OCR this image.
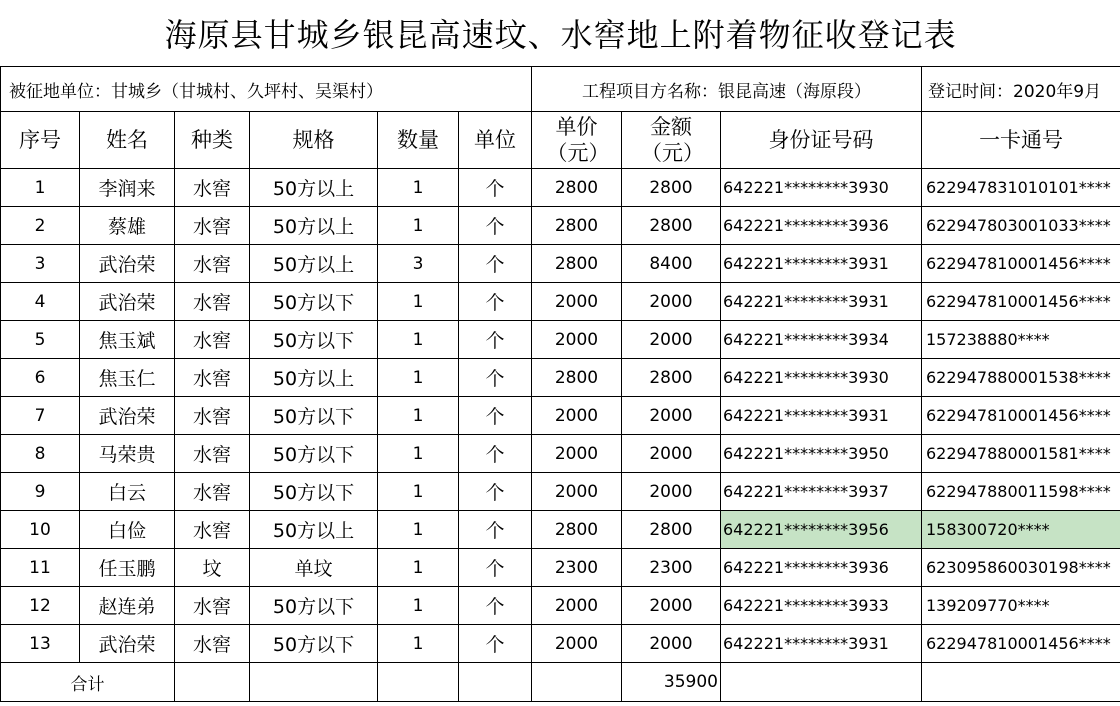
海原县甘城乡银昆高速坟、水窖地上附着物征收登记表									
被征地单位：甘城乡（甘城村、久坪村、吴渠村）						工程项目方名称：银昆高速（海原段）			登记时间：2020年9月
序号	姓名	种类	规格	数量	单位	单价（元）	金额（元）	身份证号码	一卡通号
1	李润来	水窖	50方以上	1	个	2800	2800	642221********3930	622947831010101****
2	蔡雄	水窖	50方以上	1	个	2800	2800	642221********3936	622947803001033****
3	武治荣	水窖	50方以上	3	个	2800	8400	642221********3931	622947810001456****
4	武治荣	水窖	50方以下	1	个	2000	2000	642221********3931	622947810001456****
5	焦玉斌	水窖	50方以下	1	个	2000	2000	642221********3934	157238880****
6	焦玉仁	水窖	50方以上	1	个	2800	2800	642221********3930	622947880001538****
7	武治荣	水窖	50方以下	1	个	2000	2000	642221********3931	622947810001456****
8	马荣贵	水窖	50方以下	1	个	2000	2000	642221********3950	622947880001581****
9	白云	水窖	50方以下	1	个	2000	2000	642221********3937	622947880011598****
10	白俭	水窖	50方以上	1	个	2800	2800	642221********3956	158300720****
11	任玉鹏	坟	单坟	1	个	2300	2300	642221********3936	623095860030198****
12	赵连弟	水窖	50方以下	1	个	2000	2000	642221********3933	139209770****
13	武治荣	水窖	50方以下	1	个	2000	2000	642221********3931	622947810001456****
合计							35900		
